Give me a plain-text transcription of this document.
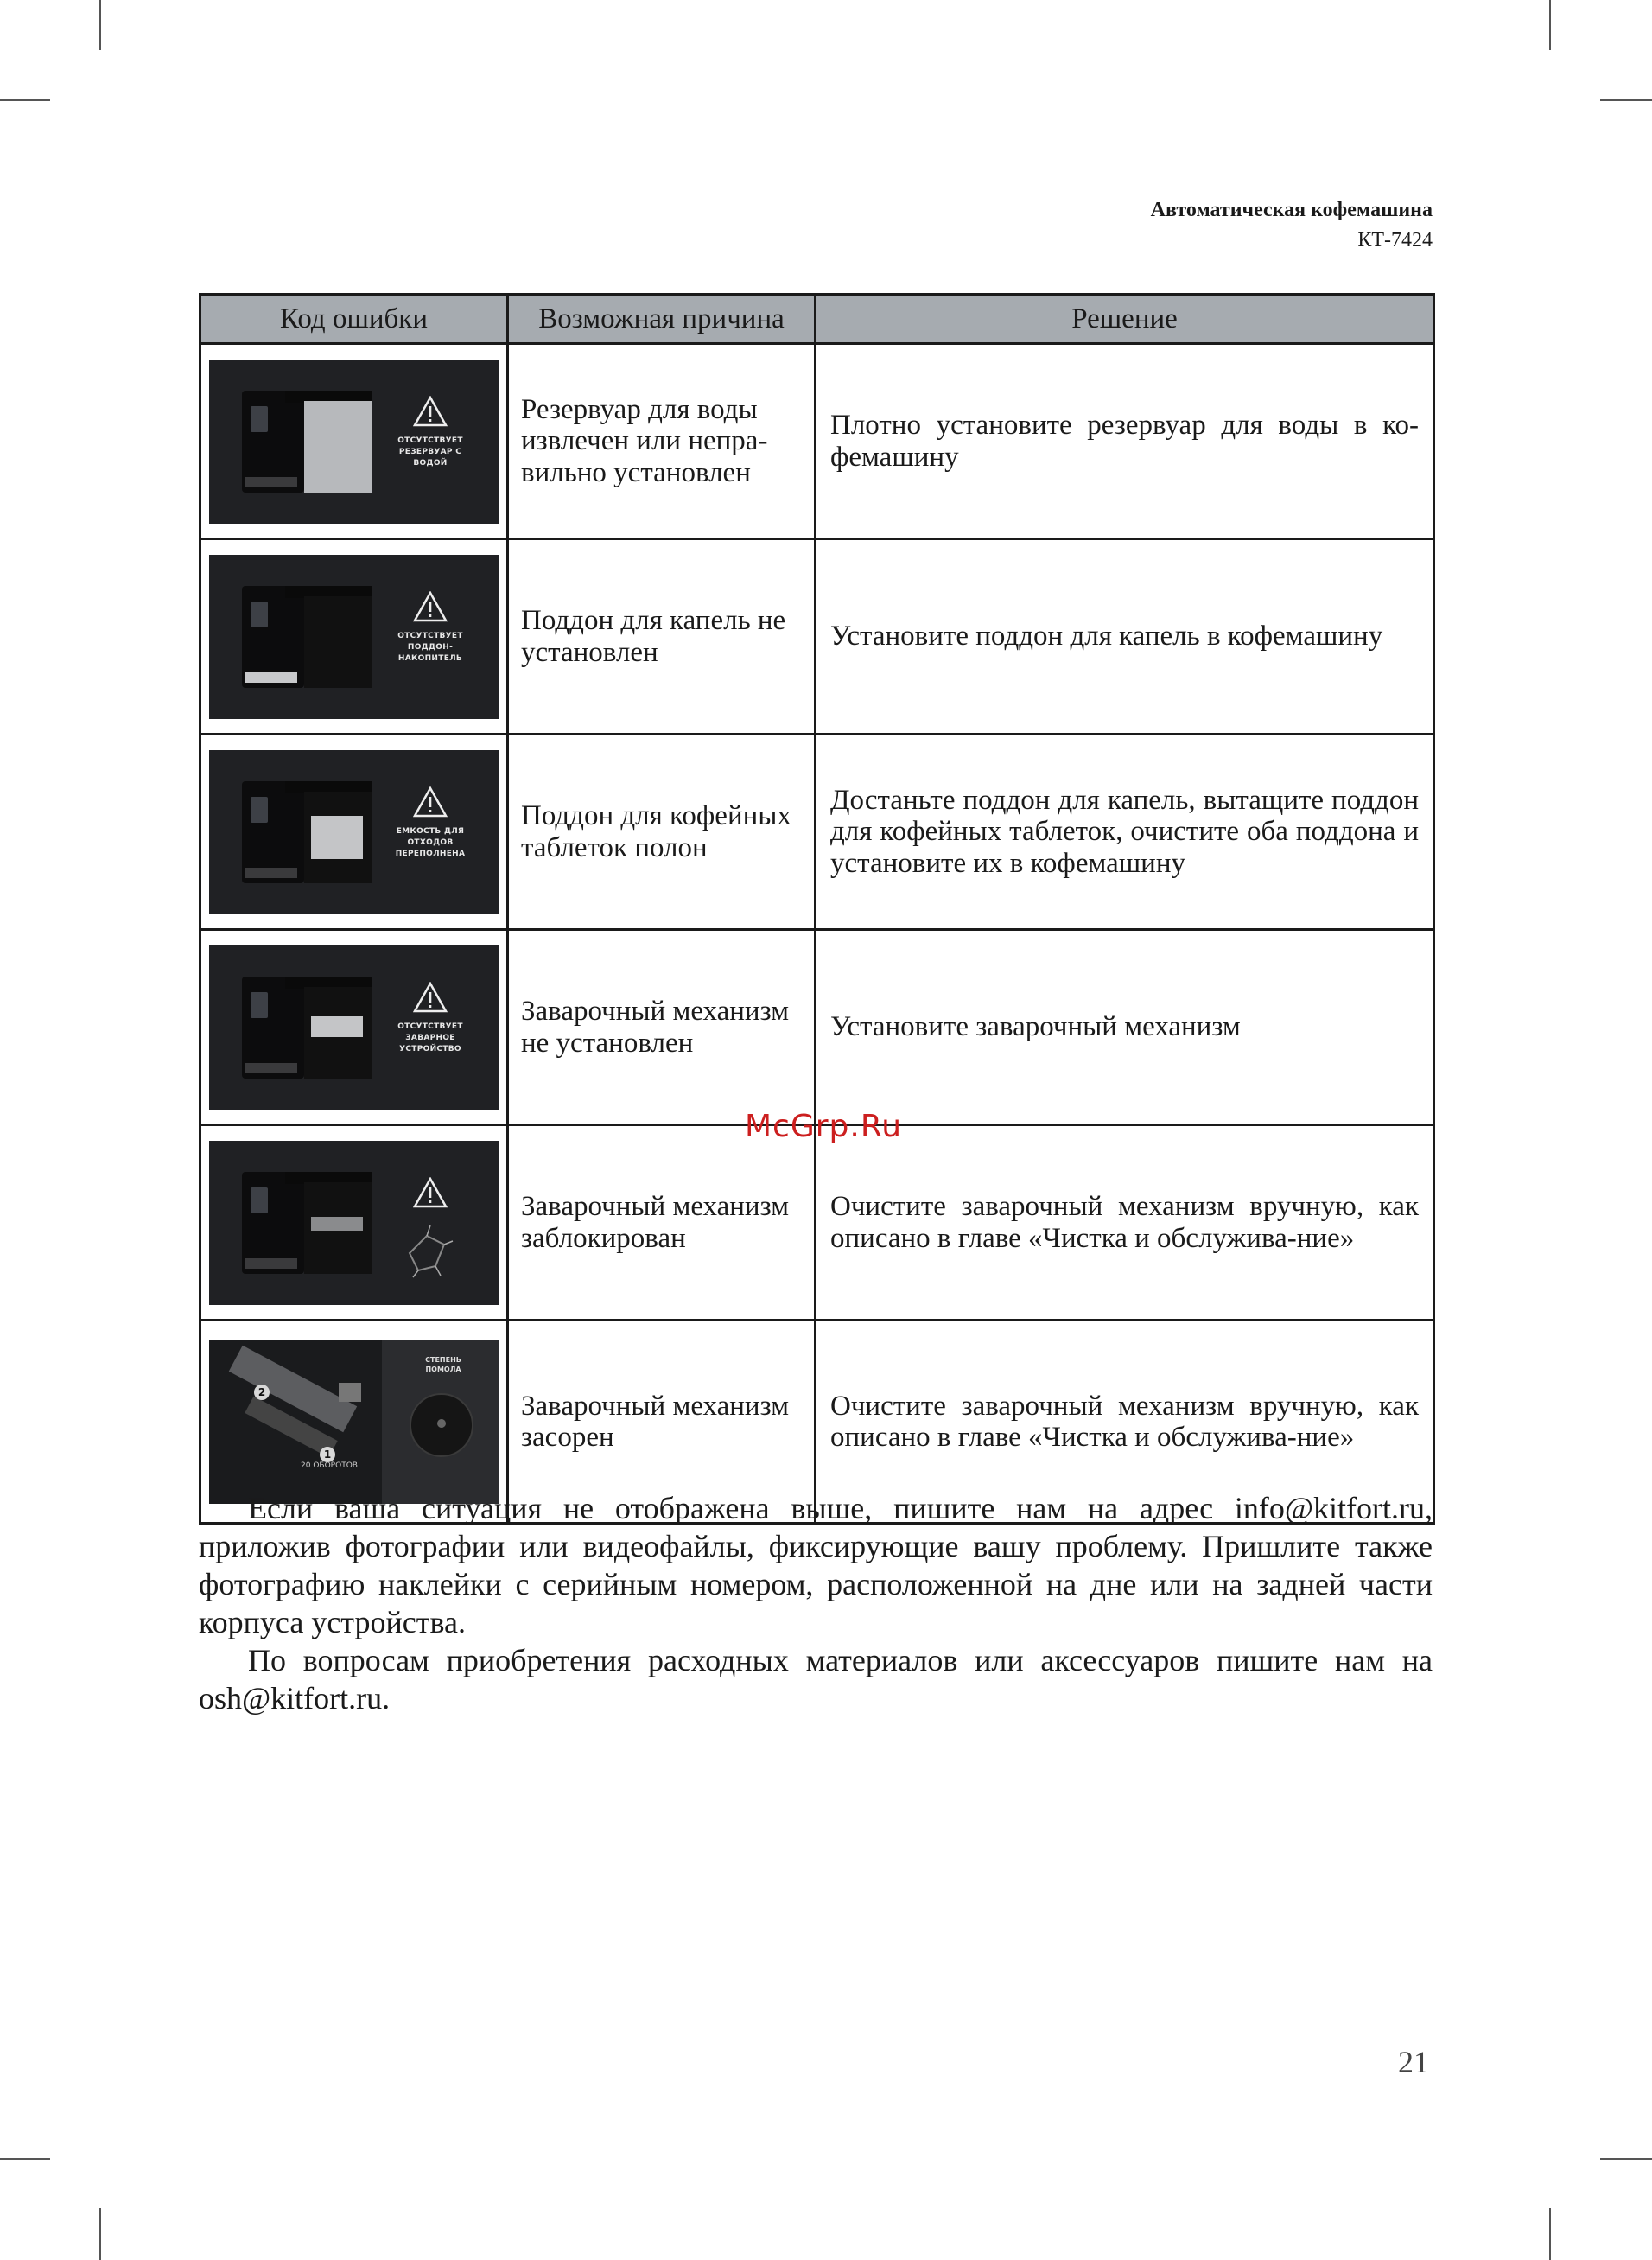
Автоматическая кофемашина
КТ-7424
Код ошибки	Возможная причина	Решение

ОТСУТСТВУЕТ РЕЗЕРВУАР С ВОДОЙ	Резервуар для воды извлечен или непра-вильно установлен	Плотно установите резервуар для воды в ко-фемашину

ОТСУТСТВУЕТ ПОДДОН-НАКОПИТЕЛЬ	Поддон для капель не установлен	Установите поддон для капель в кофемашину

ЕМКОСТЬ ДЛЯ ОТХОДОВ ПЕРЕПОЛНЕНА	Поддон для кофейных таблеток полон	Достаньте поддон для капель, вытащите поддон для кофейных таблеток, очистите оба поддона и установите их в кофемашину

ОТСУТСТВУЕТ ЗАВАРНОЕ УСТРОЙСТВО	Заварочный механизм не установлен	Установите заварочный механизм

	Заварочный механизм заблокирован	Очистите заварочный механизм вручную, как описано в главе «Чистка и обслужива-ние»

2
1
20 ОБОРОТОВ
СТЕПЕНЬ ПОМОЛА	Заварочный механизм засорен	Очистите заварочный механизм вручную, как описано в главе «Чистка и обслужива-ние»

Если ваша ситуация не отображена выше, пишите нам на адрес info@kitfort.ru, приложив фотографии или видеофайлы, фиксирующие вашу проблему. Пришлите также фотографию наклейки с серийным номером, расположенной на дне или на задней части корпуса устройства.

По вопросам приобретения расходных материалов или аксессуаров пишите нам на osh@kitfort.ru.

McGrp.Ru
21
